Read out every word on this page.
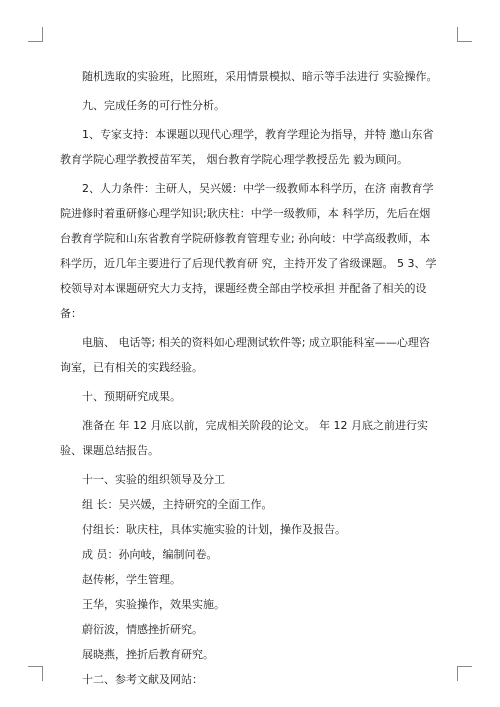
随机选取的实验班，比照班，采用情景模拟、暗示等手法进行 实验操作。

九、完成任务的可行性分析。

1、专家支持：本课题以现代心理学，教育学理论为指导，并特 邀山东省教育学院心理学教授苗军芙， 烟台教育学院心理学教授岳先 毅为顾问。

2、人力条件：主研人，吴兴媛：中学一级教师本科学历，在济 南教育学院进修时着重研修心理学知识;耿庆柱：中学一级教师，本 科学历，先后在烟台教育学院和山东省教育学院研修教育管理专业; 孙向岐：中学高级教师，本科学历，近几年主要进行了后现代教育研 究，主持开发了省级课题。 5 3、学校领导对本课题研究大力支持，课题经费全部由学校承担 并配备了相关的设备：

电脑、 电话等; 相关的资料如心理测试软件等; 成立职能科室——心理咨询室，已有相关的实践经验。

十、预期研究成果。

准备在 年 12 月底以前，完成相关阶段的论文。 年 12 月底之前进行实验、课题总结报告。

十一、实验的组织领导及分工

组 长：吴兴媛，主持研究的全面工作。

付组长：耿庆柱，具体实施实验的计划，操作及报告。

成 员：孙向岐，编制问卷。

赵传彬，学生管理。

王华，实验操作，效果实施。

蔚衍波，情感挫折研究。

展晓燕，挫折后教育研究。

十二、参考文献及网站：
